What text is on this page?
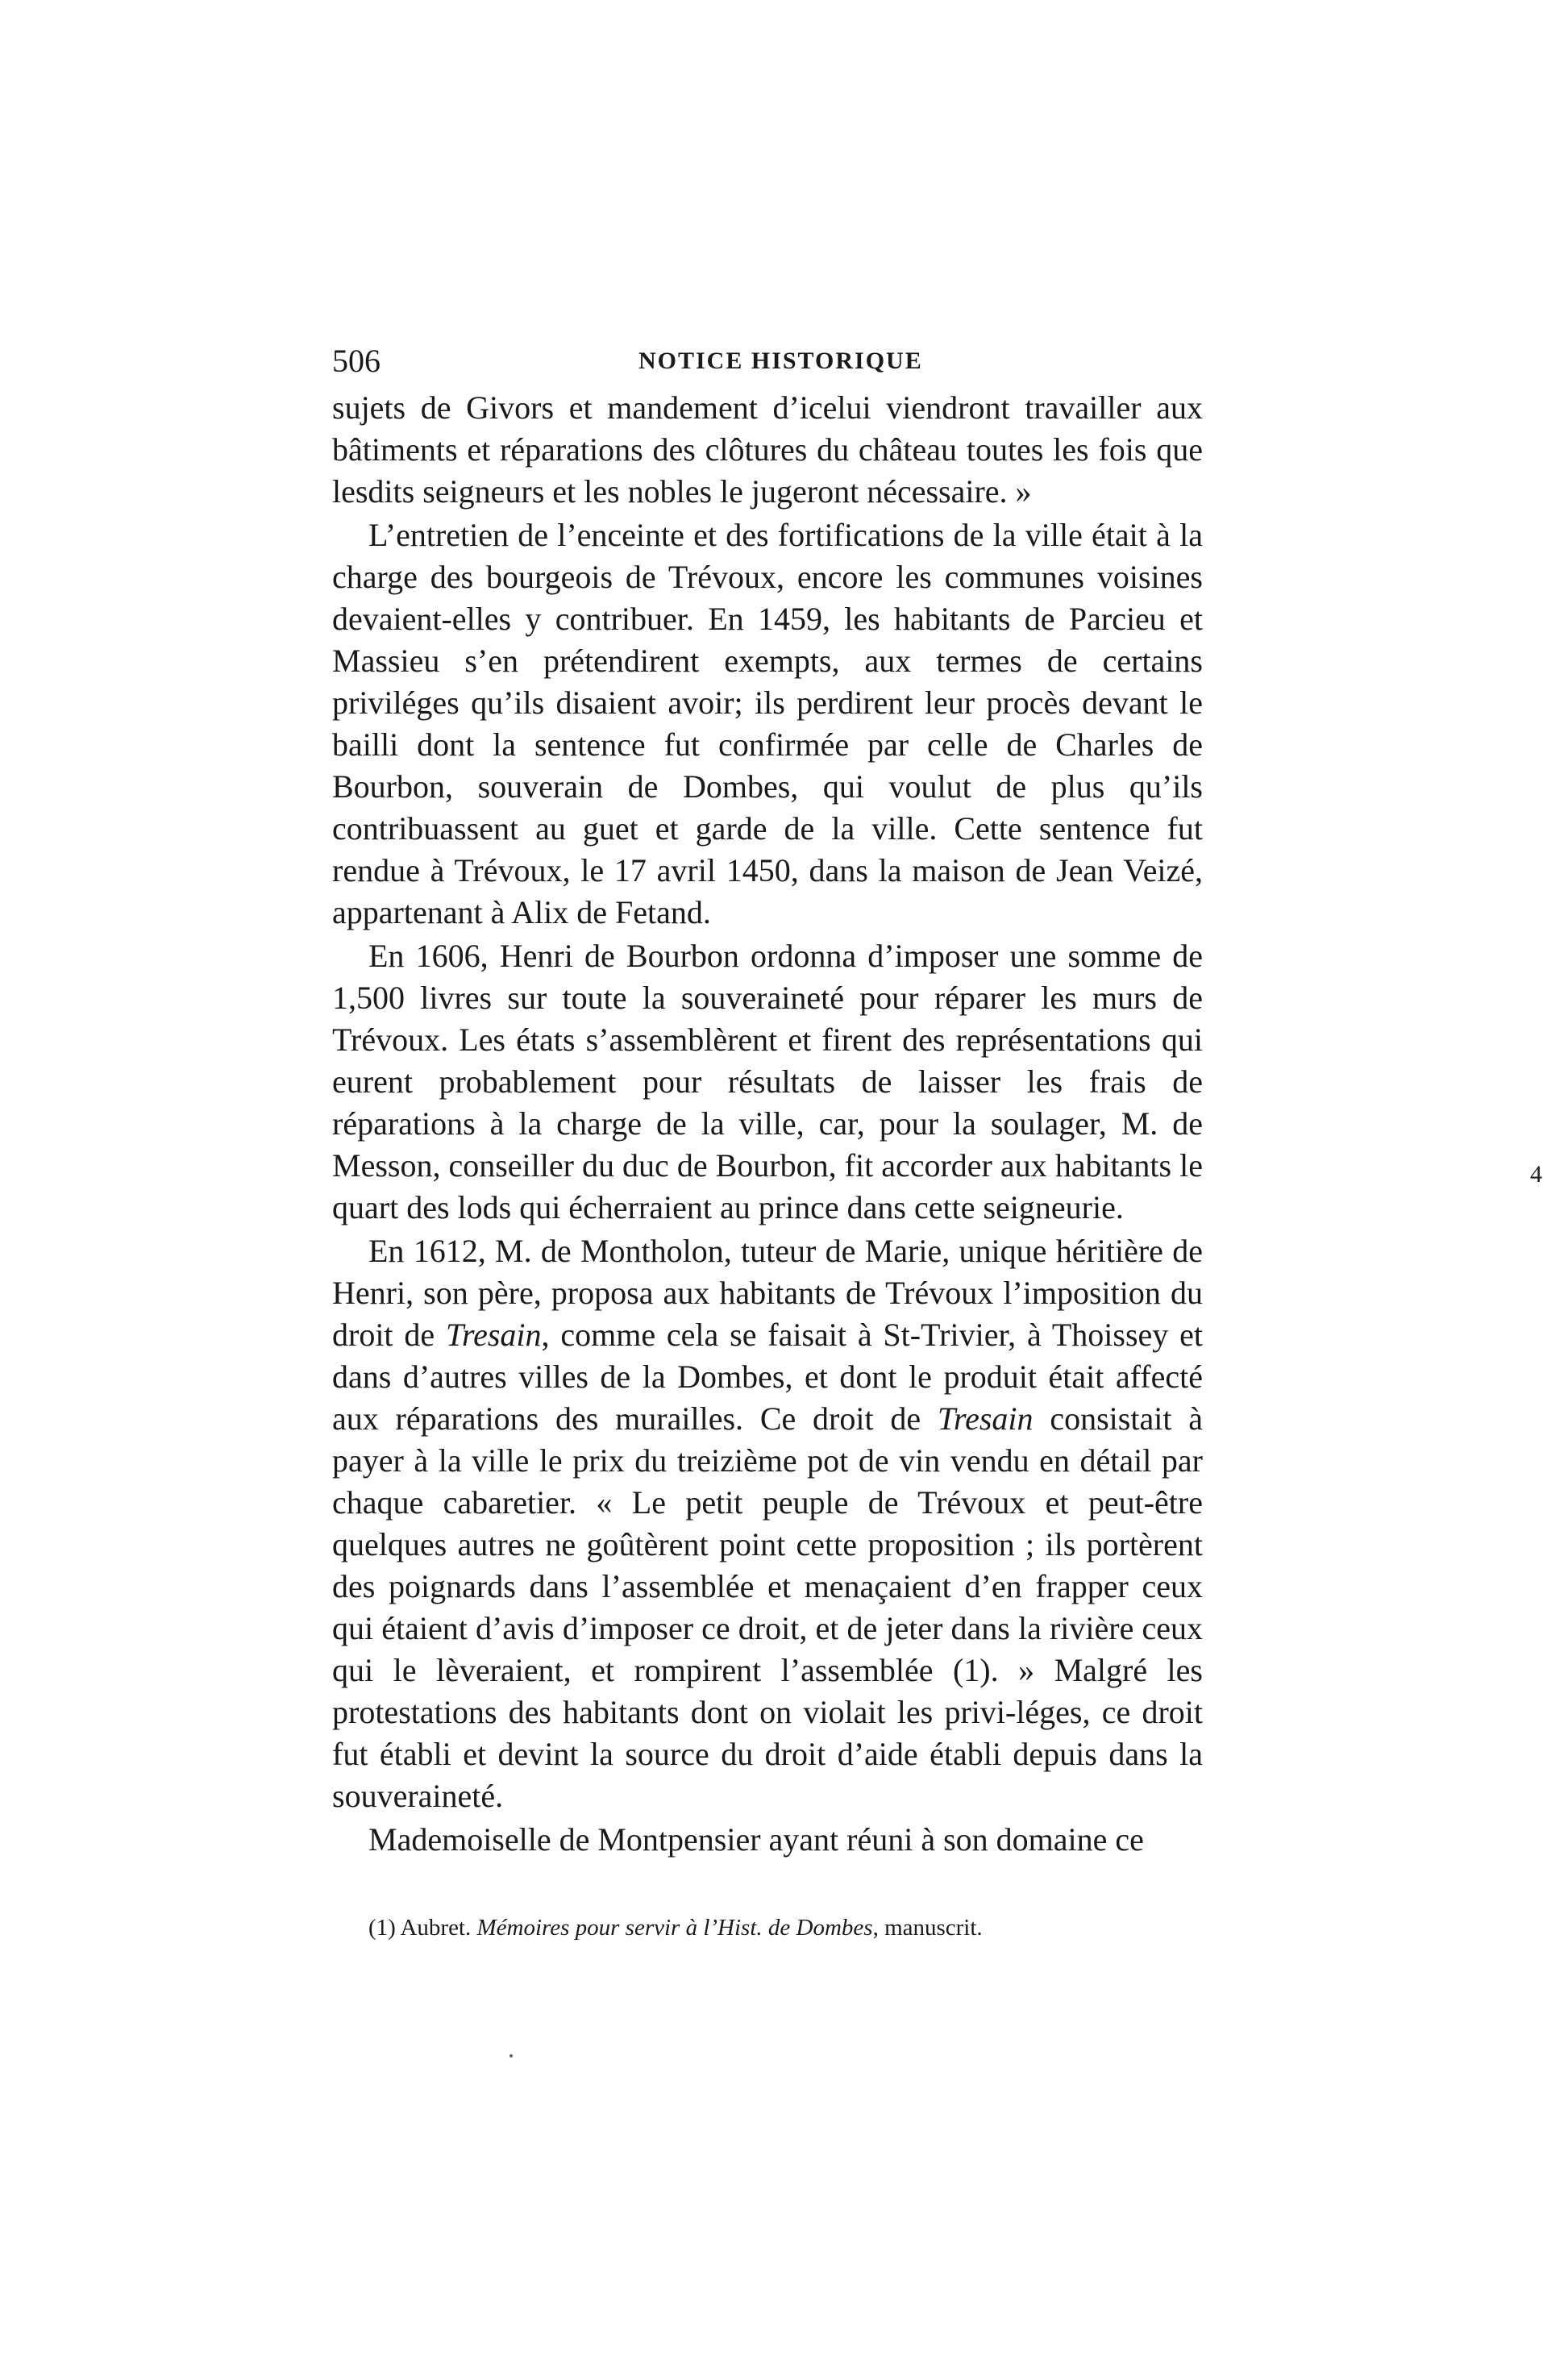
506	NOTICE HISTORIQUE

sujets de Givors et mandement d’icelui viendront travailler aux bâtiments et réparations des clôtures du château toutes les fois que lesdits seigneurs et les nobles le jugeront nécessaire. »

L’entretien de l’enceinte et des fortifications de la ville était à la charge des bourgeois de Trévoux, encore les communes voisines devaient-elles y contribuer. En 1459, les habitants de Parcieu et Massieu s’en prétendirent exempts, aux termes de certains priviléges qu’ils disaient avoir; ils perdirent leur procès devant le bailli dont la sentence fut confirmée par celle de Charles de Bourbon, souverain de Dombes, qui voulut de plus qu’ils contribuassent au guet et garde de la ville. Cette sentence fut rendue à Trévoux, le 17 avril 1450, dans la maison de Jean Veizé, appartenant à Alix de Fetand.

En 1606, Henri de Bourbon ordonna d’imposer une somme de 1,500 livres sur toute la souveraineté pour réparer les murs de Trévoux. Les états s’assemblèrent et firent des représentations qui eurent probablement pour résultats de laisser les frais de réparations à la charge de la ville, car, pour la soulager, M. de Messon, conseiller du duc de Bourbon, fit accorder aux habitants le quart des lods qui écherraient au prince dans cette seigneurie.

En 1612, M. de Montholon, tuteur de Marie, unique héritière de Henri, son père, proposa aux habitants de Trévoux l’imposition du droit de Tresain, comme cela se faisait à St-Trivier, à Thoissey et dans d’autres villes de la Dombes, et dont le produit était affecté aux réparations des murailles. Ce droit de Tresain consistait à payer à la ville le prix du treizième pot de vin vendu en détail par chaque cabaretier. « Le petit peuple de Trévoux et peut-être quelques autres ne goûtèrent point cette proposition ; ils portèrent des poignards dans l’assemblée et menaçaient d’en frapper ceux qui étaient d’avis d’imposer ce droit, et de jeter dans la rivière ceux qui le lèveraient, et rompirent l’assemblée (1). » Malgré les protestations des habitants dont on violait les privi-léges, ce droit fut établi et devint la source du droit d’aide établi depuis dans la souveraineté.

Mademoiselle de Montpensier ayant réuni à son domaine ce

(1) Aubret. Mémoires pour servir à l’Hist. de Dombes, manuscrit.
4
